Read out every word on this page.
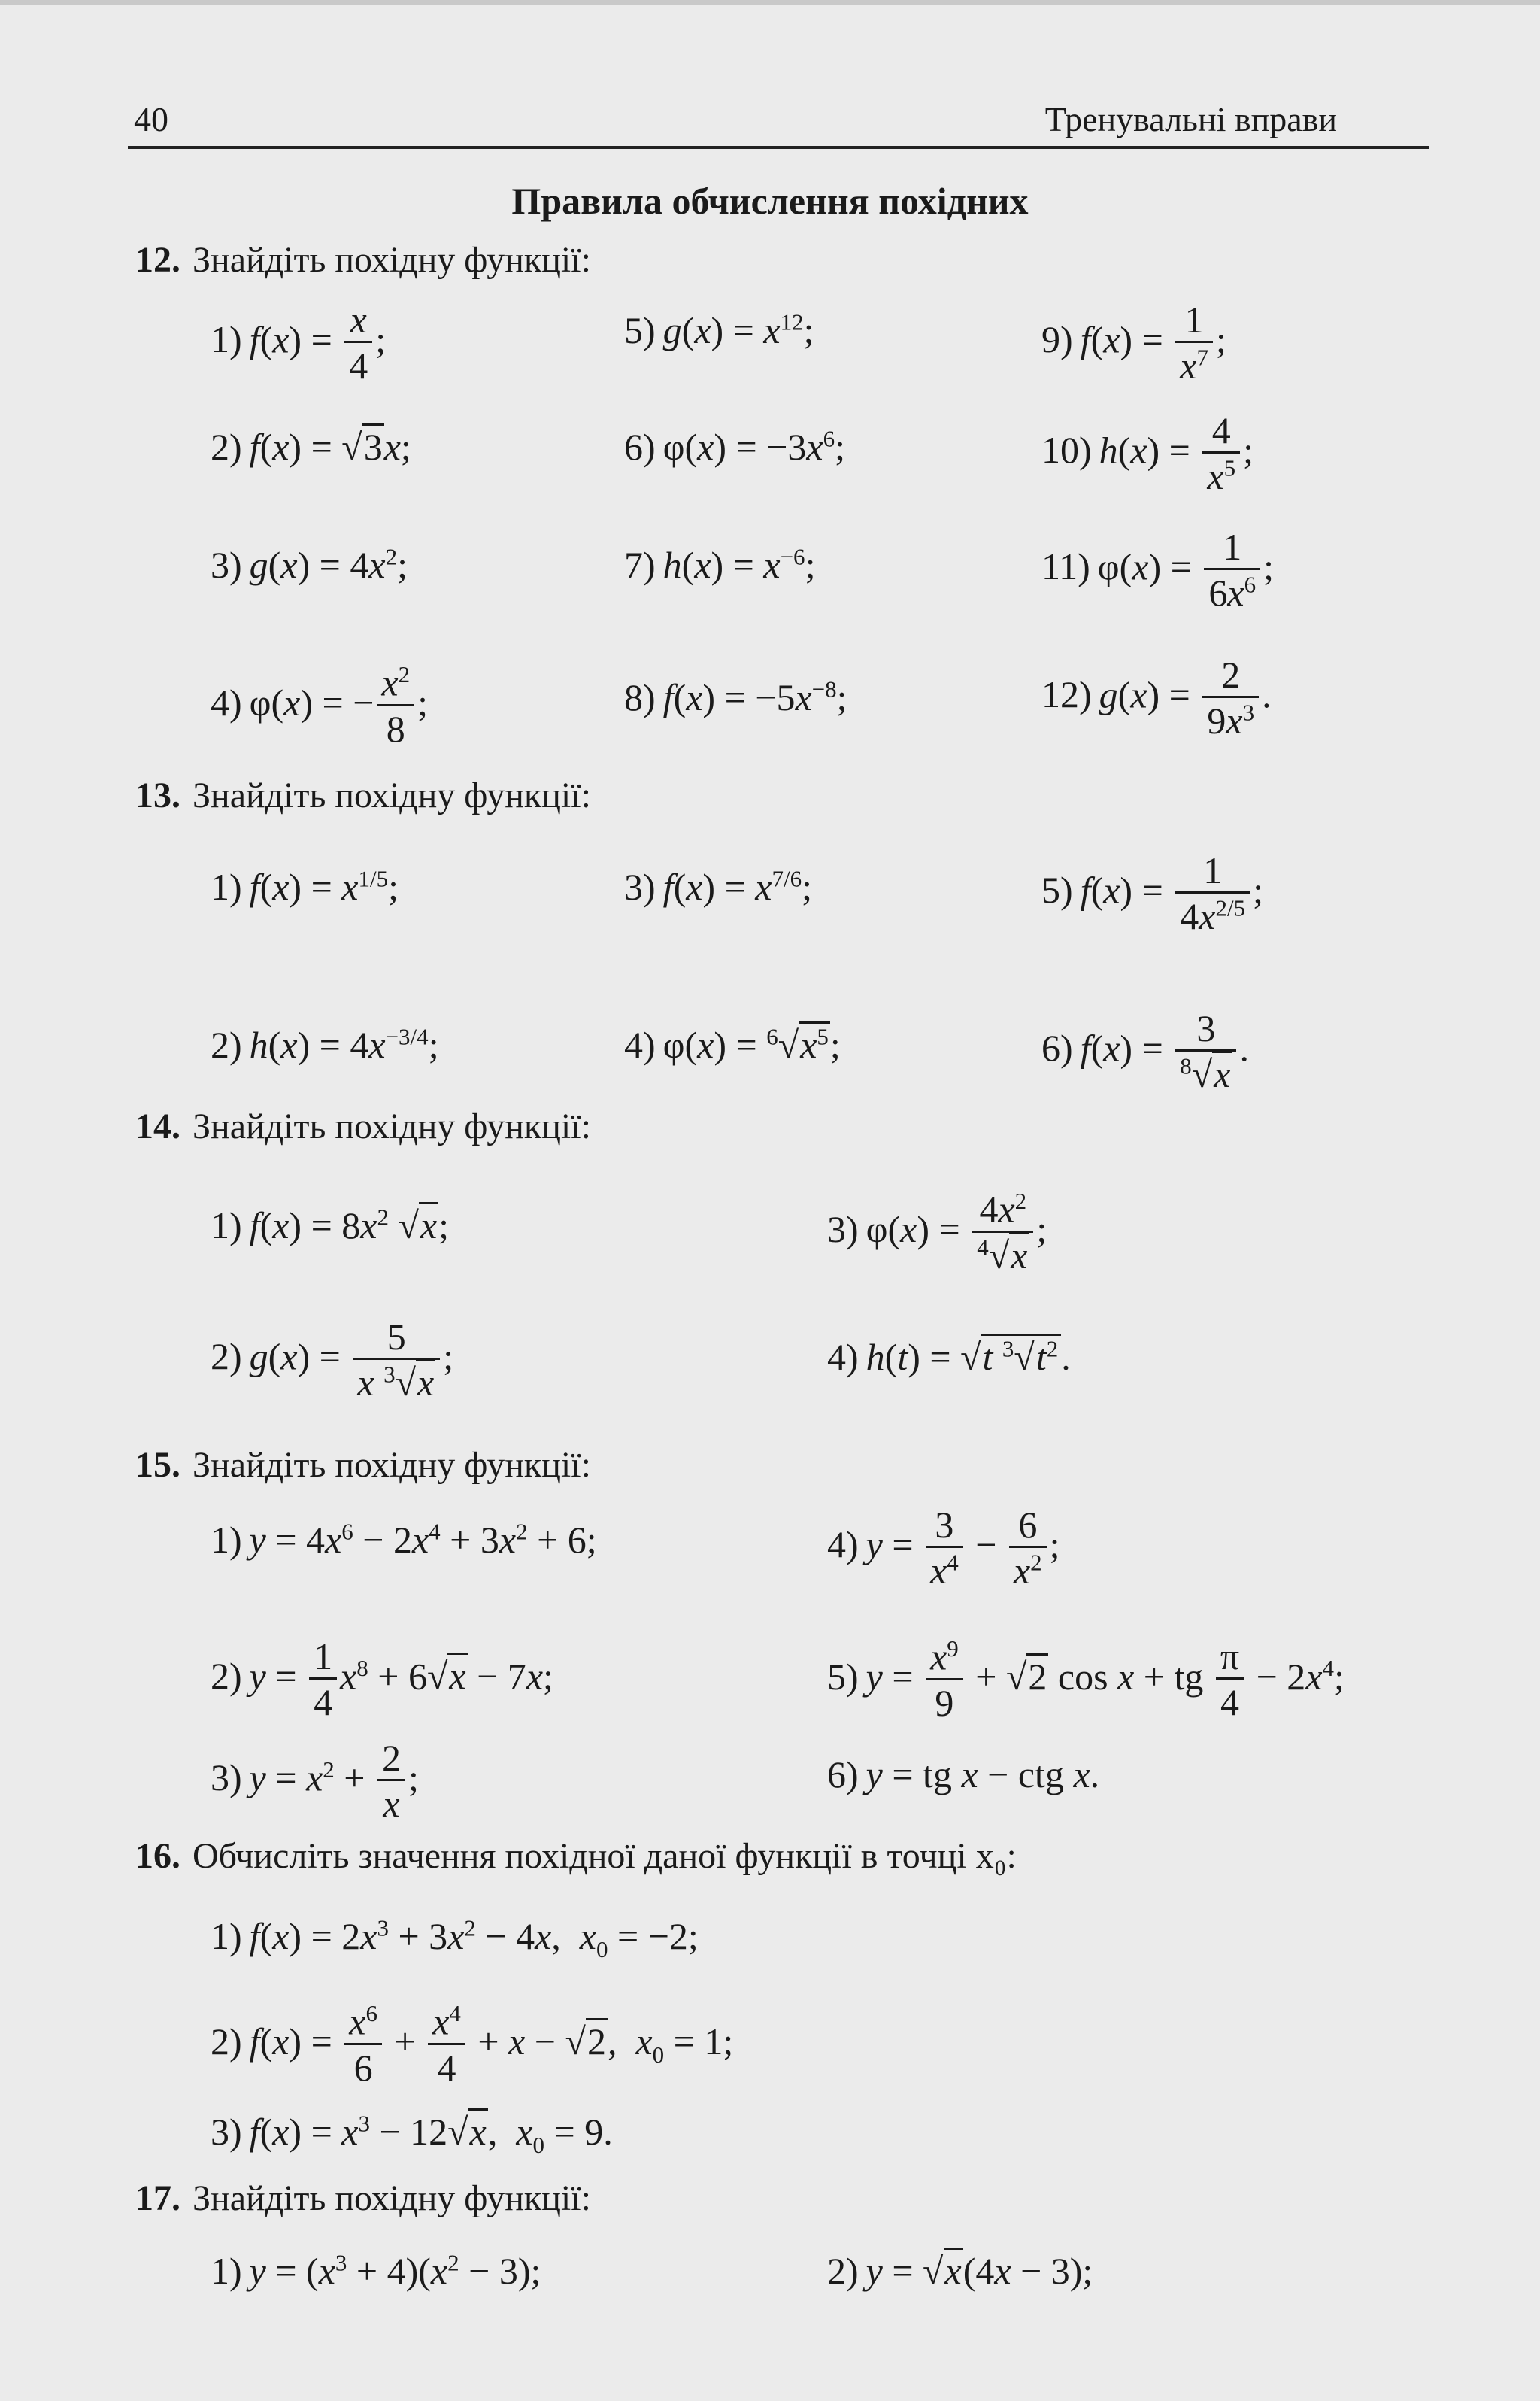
40	Тренувальні вправи
Правила обчислення похідних
12. Знайдіть похідну функції:
1) $f(x) = \frac{x}{4}$ ;	5) $g(x) = x^{12}$;	9) $f(x) = \frac{1}{x^7}$ ;
2) f(x) = √3x;	6) $\varphi(x) = -3x^6$;	10) $h(x) = \frac{4}{x^5}$ ;
3) $g(x) = 4x^2$;	7) $h(x) = x^{-6}$;	11) $\varphi(x) = \frac{1}{6x^6}$ ;
4) φ(x) = − $\frac{x^2}{8}$ ;	8) $f(x) = -5x^{-8}$;	12) $g(x) = \frac{2}{9x^3}$ .
13. Знайдіть похідну функції:
1) $f(x) = x^{1/5}$;	3) $f(x) = x^{7/6}$;	5) $f(x) = \frac{1}{4x^{2/5}}$ ;
2) $h(x) = 4x^{-3/4}$;	4) $\varphi(x) = ^6√x^5$;	6) $f(x) = \frac{3}{^8√x}$ .
14. Знайдіть похідну функції:
1) $f(x) = 8x^2$ √x;	3) $\varphi(x) = \frac{4x^2}{^4√x}$ ;
2) $g(x) = \frac{5}{x ^3√x}$ ;	4) h(t) = √t $^3√t^2$.
15. Знайдіть похідну функції:
1) $y = 4x^6 - 2x^4 + 3x^2 + 6$;	4) $y = \frac{3}{x^4} - \frac{6}{x^2}$ ;
2) $y = \frac{1}{4} x^8 + 6√x - 7x$;	5) $y = \frac{x^9}{9} + √2$ cos x + tg $\frac{\pi}{4} - 2x^4$;
3) $y = x^2 + \frac{2}{x}$ ;	6) y = tg x − ctg x.
16. Обчисліть значення похідної даної функції в точці x₀:
1) $f(x) = 2x^3 + 3x^2 - 4x$,  $x_0 = -2$;
2) $f(x) = \frac{x^6}{6} + \frac{x^4}{4} + x - √2$,  $x_0 = 1$;
3) $f(x) = x^3 - 12√x$,  $x_0 = 9$.
17. Знайдіть похідну функції:
1) $y = (x^3 + 4)(x^2 - 3)$;	2) y = √x(4x − 3);
